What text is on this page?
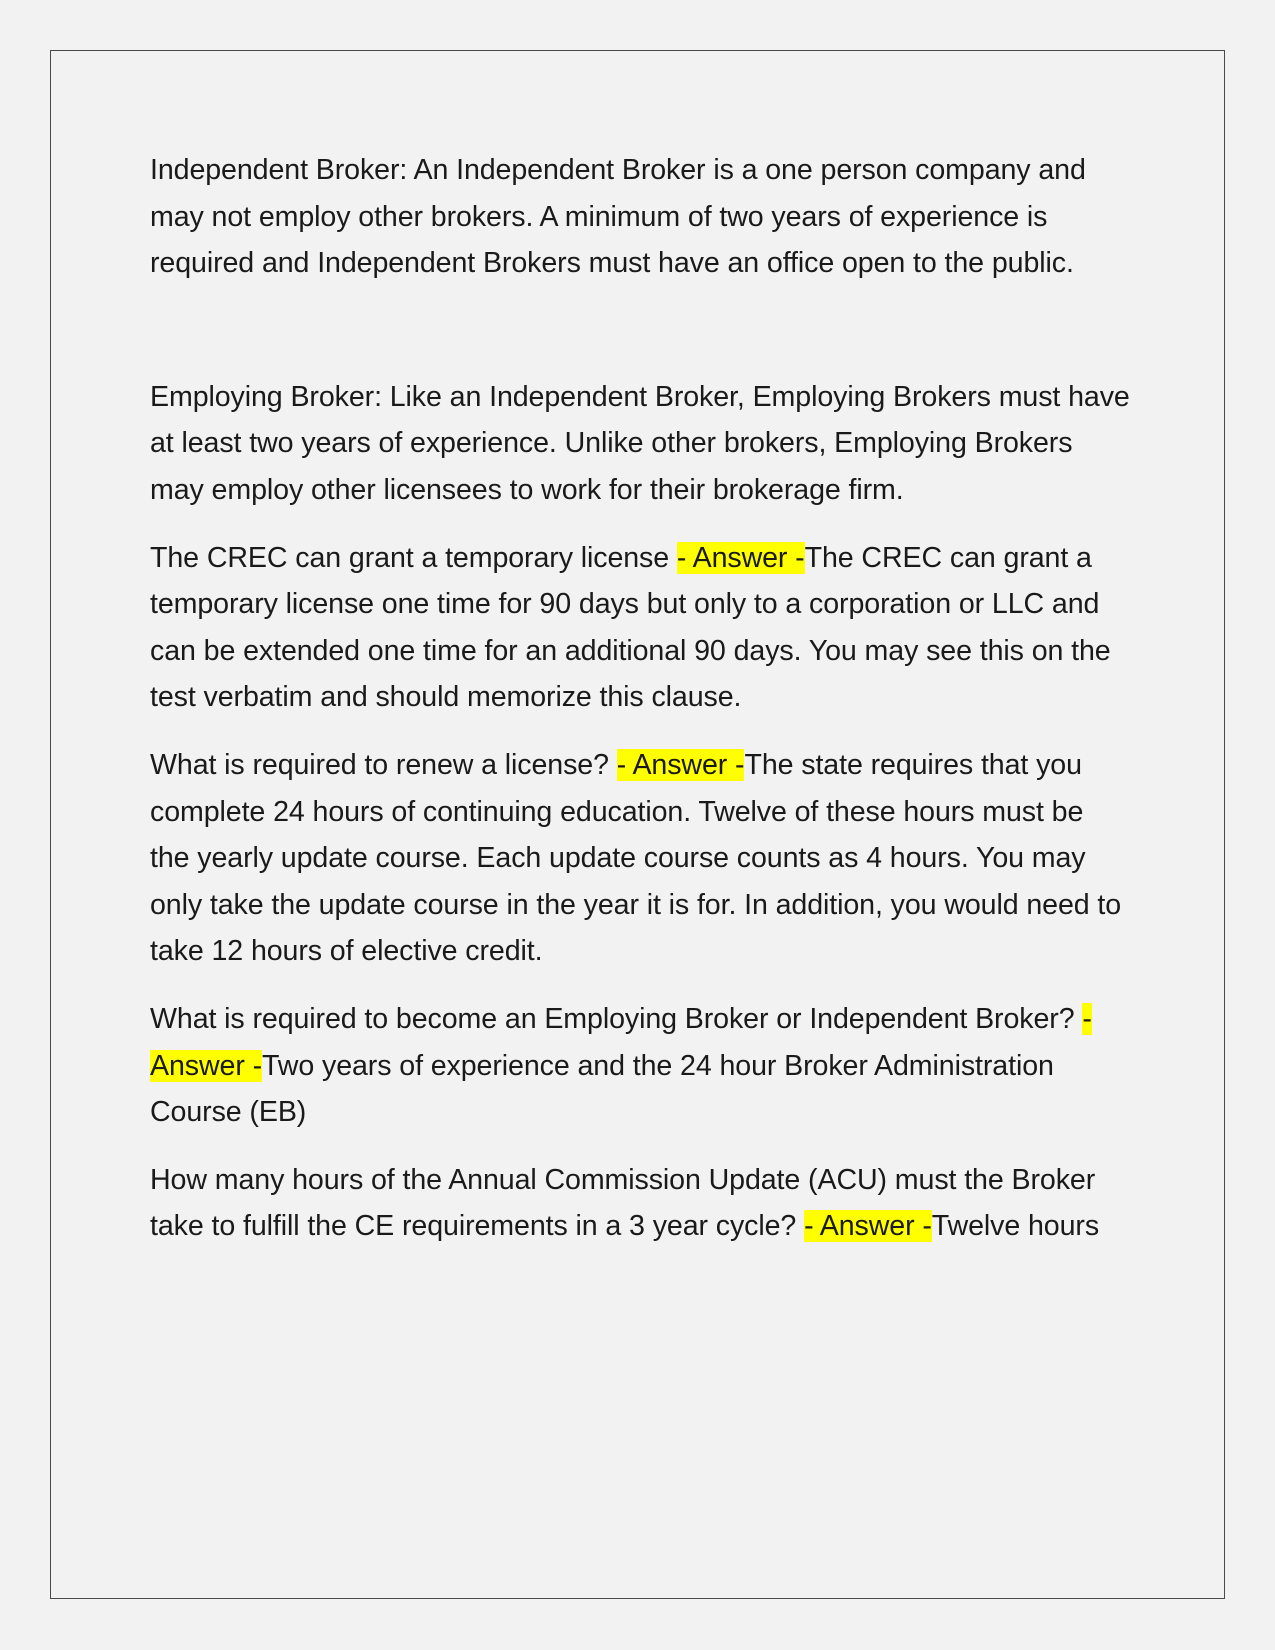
Independent Broker: An Independent Broker is a one person company and may not employ other brokers. A minimum of two years of experience is required and Independent Brokers must have an office open to the public.

Employing Broker: Like an Independent Broker, Employing Brokers must have at least two years of experience. Unlike other brokers, Employing Brokers may employ other licensees to work for their brokerage firm.

The CREC can grant a temporary license - Answer -The CREC can grant a temporary license one time for 90 days but only to a corporation or LLC and can be extended one time for an additional 90 days. You may see this on the test verbatim and should memorize this clause.

What is required to renew a license? - Answer -The state requires that you complete 24 hours of continuing education. Twelve of these hours must be the yearly update course. Each update course counts as 4 hours. You may only take the update course in the year it is for. In addition, you would need to take 12 hours of elective credit.

What is required to become an Employing Broker or Independent Broker? - Answer -Two years of experience and the 24 hour Broker Administration Course (EB)

How many hours of the Annual Commission Update (ACU) must the Broker take to fulfill the CE requirements in a 3 year cycle? - Answer -Twelve hours
